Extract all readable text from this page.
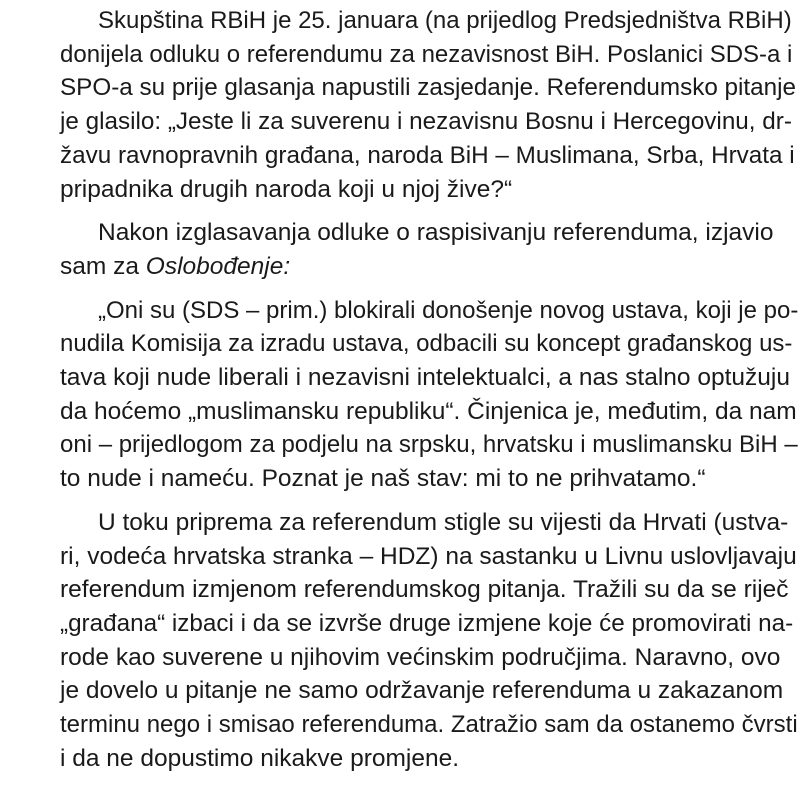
Skupština RBiH je 25. januara (na prijedlog Predsjedništva RBiH)
donijela odluku o referendumu za nezavisnost BiH. Poslanici SDS-a i
SPO-a su prije glasanja napustili zasjedanje. Referendumsko pitanje
je glasilo: „Jeste li za suverenu i nezavisnu Bosnu i Hercegovinu, dr-
žavu ravnopravnih građana, naroda BiH – Muslimana, Srba, Hrvata i
pripadnika drugih naroda koji u njoj žive?“
Nakon izglasavanja odluke o raspisivanju referenduma, izjavio
sam za Oslobođenje:
„Oni su (SDS – prim.) blokirali donošenje novog ustava, koji je po-
nudila Komisija za izradu ustava, odbacili su koncept građanskog us-
tava koji nude liberali i nezavisni intelektualci, a nas stalno optužuju
da hoćemo „muslimansku republiku“. Činjenica je, međutim, da nam
oni – prijedlogom za podjelu na srpsku, hrvatsku i muslimansku BiH –
to nude i nameću. Poznat je naš stav: mi to ne prihvatamo.“
U toku priprema za referendum stigle su vijesti da Hrvati (ustva-
ri, vodeća hrvatska stranka – HDZ) na sastanku u Livnu uslovljavaju
referendum izmjenom referendumskog pitanja. Tražili su da se riječ
„građana“ izbaci i da se izvrše druge izmjene koje će promovirati na-
rode kao suverene u njihovim većinskim područjima. Naravno, ovo
je dovelo u pitanje ne samo održavanje referenduma u zakazanom
terminu nego i smisao referenduma. Zatražio sam da ostanemo čvrsti
i da ne dopustimo nikakve promjene.
